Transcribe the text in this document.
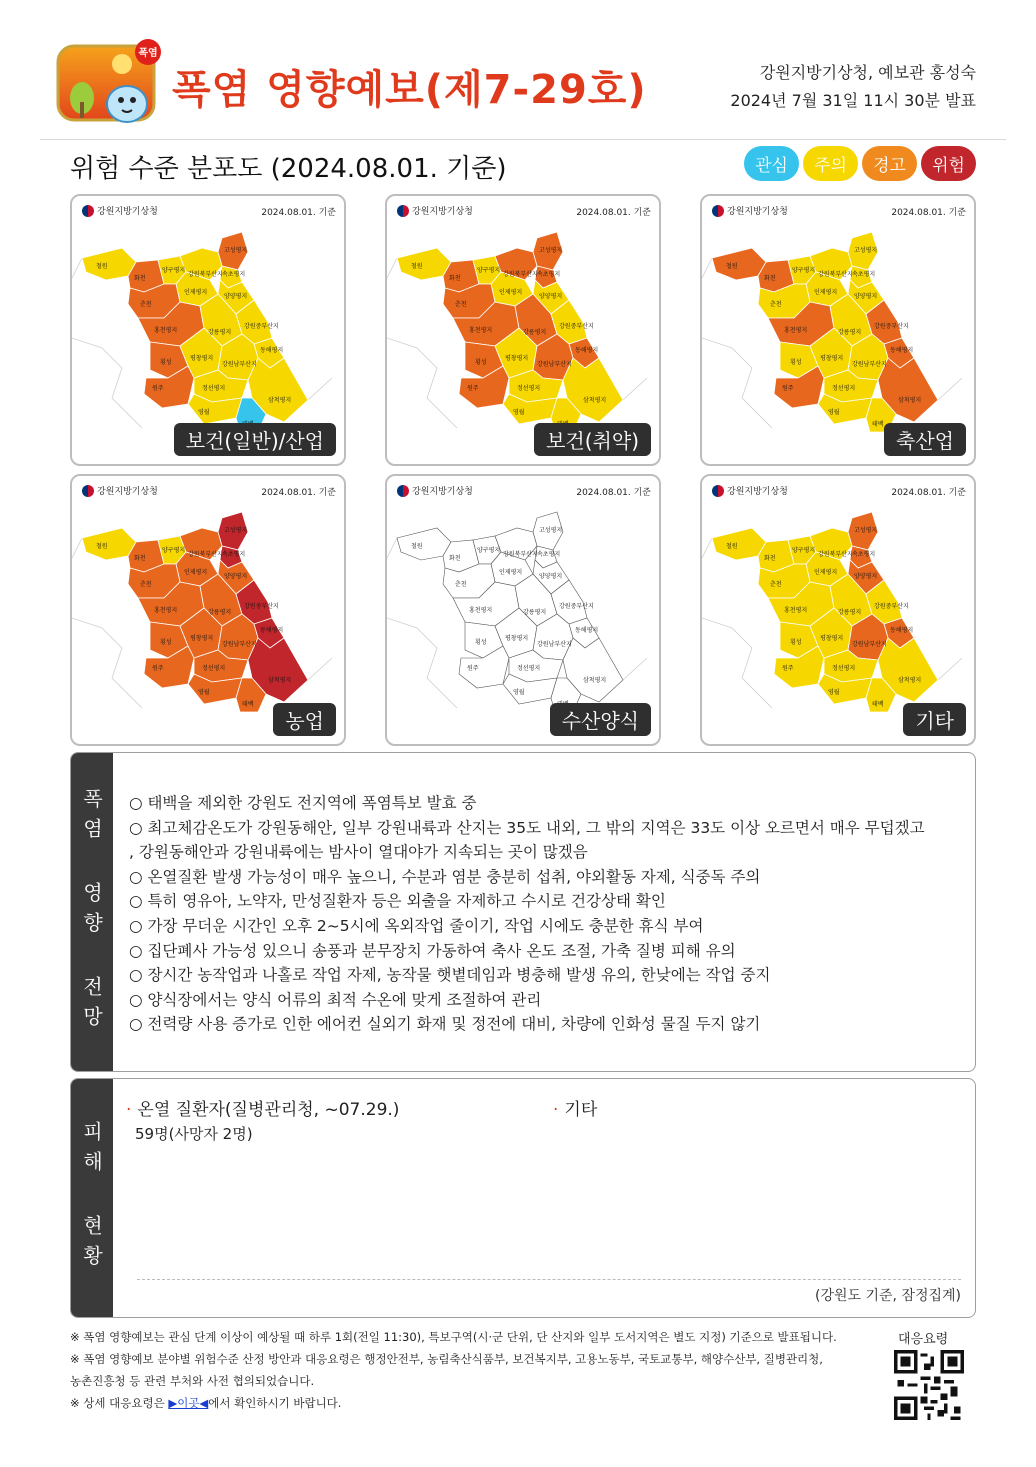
폭염
폭염 영향예보(제7-29호)	강원지방기상청, 예보관 홍성숙
2024년 7월 31일 11시 30분 발표
위험 수준 분포도 (2024.08.01. 기준)	관심	주의	경고	위험
강원지방기상청	2024.08.01. 기준
고성평지
철원
화천
양구평지
강원북부산지 속초평지
인제평지
양양평지
춘천
홍천평지	강릉평지
강원중부산지
횡성
평창평지
동해평지
강원남부산지
원주	정선평지
삼척평지
영월
보건(일반)/산업
강원지방기상청	2024.08.01. 기준
고성평지
철원
화천
양구평지
강원북부산지 속초평지
인제평지
양양평지
춘천
홍천평지	강릉평지
강원중부산지
횡성
평창평지
동해평지
강원남부산지
원주	정선평지
삼척평지
영월
보건(취약)
강원지방기상청	2024.08.01. 기준
고성평지
철원
화천
양구평지
강원북부산지 속초평지
인제평지
양양평지
춘천
홍천평지	강릉평지
강원중부산지
횡성
평창평지
동해평지
강원남부산지
원주	정선평지
삼척평지
영월
태백
축산업
강원지방기상청	2024.08.01. 기준
고성평지
철원
화천
양구평지
강원북부산지 속초평지
인제평지
양양평지
춘천
홍천평지	강릉평지
강원중부산지
횡성
평창평지
동해평지
강원남부산지
원주	정선평지
삼척평지
영월
태백
농업
강원지방기상청	2024.08.01. 기준
고성평지
철원
화천
양구평지
강원북부산지 속초평지
인제평지
양양평지
춘천
홍천평지	강릉평지
강원중부산지
횡성
평창평지
동해평지
강원남부산지
원주	정선평지
삼척평지
영월
수산양식
강원지방기상청	2024.08.01. 기준
고성평지
철원
화천
양구평지
강원북부산지 속초평지
인제평지
양양평지
춘천
홍천평지	강릉평지
강원중부산지
횡성
평창평지
동해평지
강원남부산지
원주	정선평지
삼척평지
영월
태백
기타
폭염 영향 전망 ○ 태백을 제외한 강원도 전지역에 폭염특보 발효 중
○ 최고체감온도가 강원동해안, 일부 강원내륙과 산지는 35도 내외, 그 밖의 지역은 33도 이상 오르면서 매우 무덥겠고
, 강원동해안과 강원내륙에는 밤사이 열대야가 지속되는 곳이 많겠음
○ 온열질환 발생 가능성이 매우 높으니, 수분과 염분 충분히 섭취, 야외활동 자제, 식중독 주의
○ 특히 영유아, 노약자, 만성질환자 등은 외출을 자제하고 수시로 건강상태 확인
○ 가장 무더운 시간인 오후 2~5시에 옥외작업 줄이기, 작업 시에도 충분한 휴식 부여
○ 집단폐사 가능성 있으니 송풍과 분무장치 가동하여 축사 온도 조절, 가축 질병 피해 유의
○ 장시간 농작업과 나홀로 작업 자제, 농작물 햇볕데임과 병충해 발생 유의, 한낮에는 작업 중지
○ 양식장에서는 양식 어류의 최적 수온에 맞게 조절하여 관리
○ 전력량 사용 증가로 인한 에어컨 실외기 화재 및 정전에 대비, 차량에 인화성 물질 두지 않기
피해 현황
· 온열 질환자(질병관리청, ~07.29.)
59명(사망자 2명)
· 기타
(강원도 기준, 잠정집계)
※ 폭염 영향예보는 관심 단계 이상이 예상될 때 하루 1회(전일 11:30), 특보구역(시·군 단위, 단 산지와 일부 도서지역은 별도 지정) 기준으로 발표됩니다.
※ 폭염 영향예보 분야별 위험수준 산정 방안과 대응요령은 행정안전부, 농림축산식품부, 보건복지부, 고용노동부, 국토교통부, 해양수산부, 질병관리청,
농촌진흥청 등 관련 부처와 사전 협의되었습니다.
※ 상세 대응요령은 ▶이곳◀에서 확인하시기 바랍니다.
대응요령
